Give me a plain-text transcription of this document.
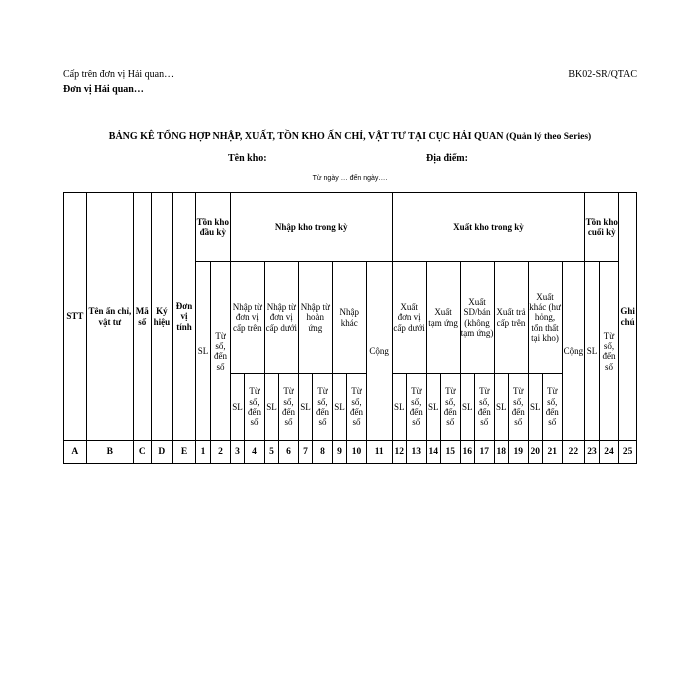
Cấp trên đơn vị Hải quan…
Đơn vị Hải quan…
BK02-SR/QTAC
BẢNG KÊ TỔNG HỢP NHẬP, XUẤT, TỒN KHO ẤN CHỈ, VẬT TƯ TẠI CỤC HẢI QUAN (Quản lý theo Series)
Tên kho:	Địa điểm:
Từ ngày … đến ngày….
STT	Tên ấn chỉ, vật tư	Mã số	Ký hiệu	Đơn vị tính	Tồn kho đầu kỳ		Nhập kho trong kỳ									Xuất kho trong kỳ											Tồn kho cuối kỳ		Ghi chú
					SL	Từ số, đến số	Nhập từ đơn vị cấp trên		Nhập từ đơn vị cấp dưới		Nhập từ hoàn ứng		Nhập khác		Cộng	Xuất đơn vị cấp dưới		Xuất tạm ứng		Xuất SD/bán (không tạm ứng)		Xuất trả cấp trên		Xuất khác (hư hỏng, tổn thất tại kho)		Cộng	SL	Từ số, đến số	
							SL	Từ số, đến số	SL	Từ số, đến số	SL	Từ số, đến số	SL	Từ số, đến số		SL	Từ số, đến số	SL	Từ số, đến số	SL	Từ số, đến số	SL	Từ số, đến số	SL	Từ số, đến số				
A	B	C	D	E	1	2	3	4	5	6	7	8	9	10	11	12	13	14	15	16	17	18	19	20	21	22	23	24	25
